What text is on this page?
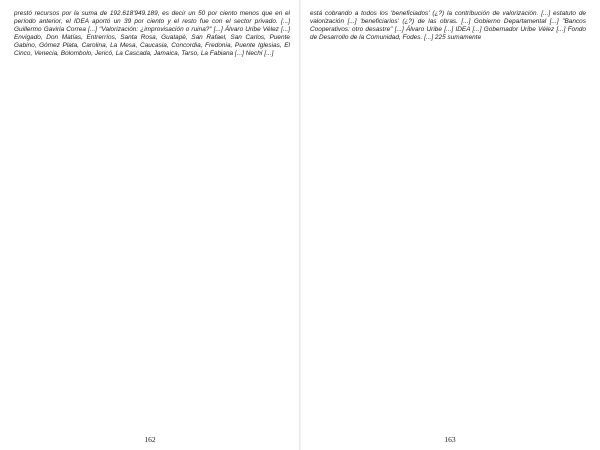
prestó recursos por la suma de 192.618'949.189, es decir un 50 por ciento menos que en el período anterior, el IDEA aportó un 39 por ciento y el resto fue con el sector privado. [...] Guillermo Gaviria Correa [...] "Valorización: ¿improvisación o ruina?" [...] Álvaro Uribe Vélez [...] Envigado, Don Matías, Entrerríos, Santa Rosa, Guatapé, San Rafael, San Carlos, Puente Gabino, Gómez Plata, Carolina, La Mesa, Caucasia, Concordia, Fredonia, Puente Iglesias, El Cinco, Venecia, Bolombolo, Jericó, La Cascada, Jamaica, Tarso, La Fabiana [...] Nechí [...]

162

está cobrando a todos los 'beneficiados' (¿?) la contribución de valorización. [...] estatuto de valorización [...] 'beneficiarios' (¿?) de las obras. [...] Gobierno Departamental [...] "Bancos Cooperativos: otro desastre" [...] Álvaro Uribe [...] IDEA [...] Gobernador Uribe Vélez [...] Fondo de Desarrollo de la Comunidad, Fodes. [...] 225 sumamente

163
